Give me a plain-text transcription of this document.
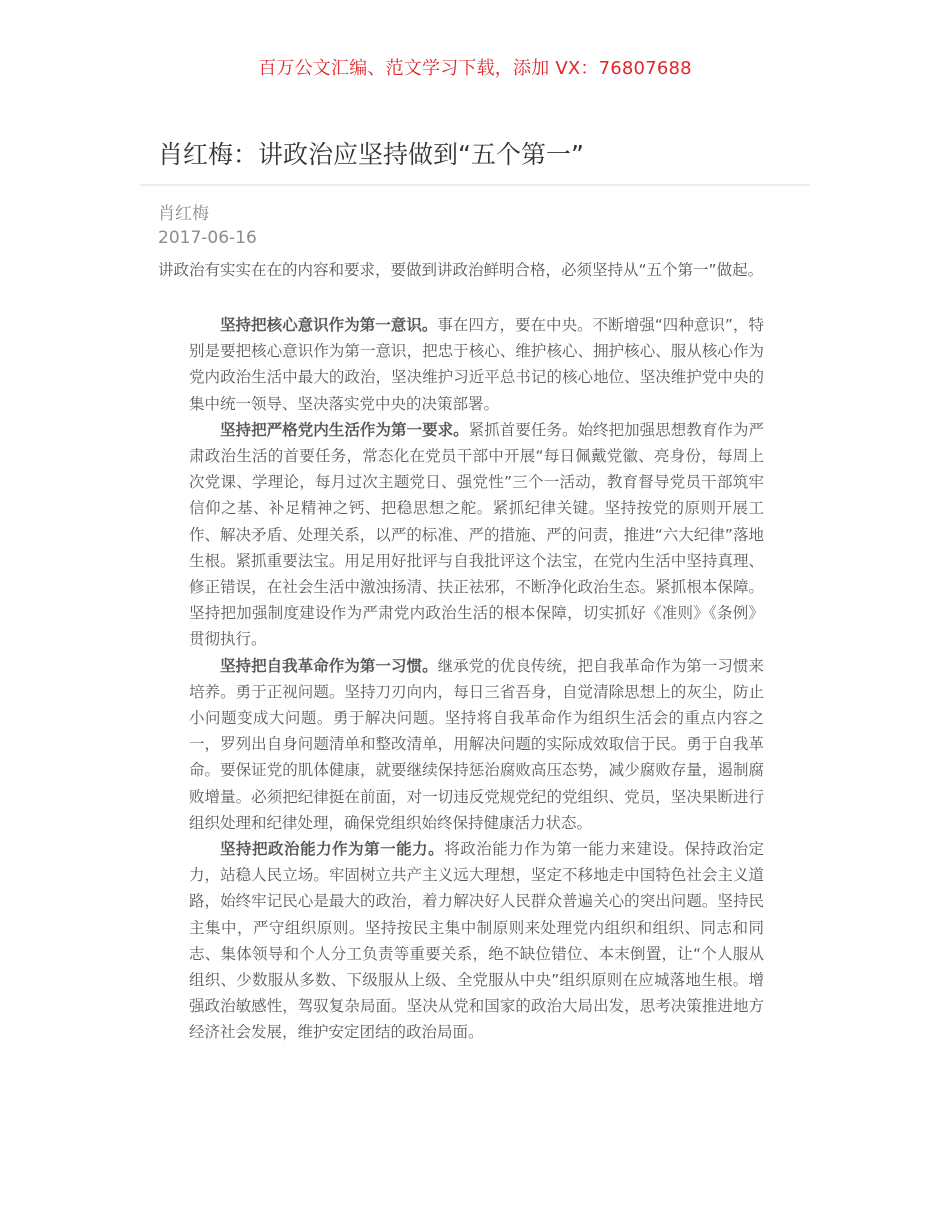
百万公文汇编、范文学习下载，添加 VX：76807688
肖红梅：讲政治应坚持做到“五个第一”
肖红梅
2017-06-16
讲政治有实实在在的内容和要求，要做到讲政治鲜明合格，必须坚持从“五个第一”做起。

坚持把核心意识作为第一意识。事在四方，要在中央。不断增强“四种意识”，特别是要把核心意识作为第一意识，把忠于核心、维护核心、拥护核心、服从核心作为党内政治生活中最大的政治，坚决维护习近平总书记的核心地位、坚决维护党中央的集中统一领导、坚决落实党中央的决策部署。

坚持把严格党内生活作为第一要求。紧抓首要任务。始终把加强思想教育作为严肃政治生活的首要任务，常态化在党员干部中开展“每日佩戴党徽、亮身份，每周上次党课、学理论，每月过次主题党日、强党性”三个一活动，教育督导党员干部筑牢信仰之基、补足精神之钙、把稳思想之舵。紧抓纪律关键。坚持按党的原则开展工作、解决矛盾、处理关系，以严的标准、严的措施、严的问责，推进“六大纪律”落地生根。紧抓重要法宝。用足用好批评与自我批评这个法宝，在党内生活中坚持真理、修正错误，在社会生活中激浊扬清、扶正祛邪，不断净化政治生态。紧抓根本保障。坚持把加强制度建设作为严肃党内政治生活的根本保障，切实抓好《准则》《条例》贯彻执行。

坚持把自我革命作为第一习惯。继承党的优良传统，把自我革命作为第一习惯来培养。勇于正视问题。坚持刀刃向内，每日三省吾身，自觉清除思想上的灰尘，防止小问题变成大问题。勇于解决问题。坚持将自我革命作为组织生活会的重点内容之一，罗列出自身问题清单和整改清单，用解决问题的实际成效取信于民。勇于自我革命。要保证党的肌体健康，就要继续保持惩治腐败高压态势，减少腐败存量，遏制腐败增量。必须把纪律挺在前面，对一切违反党规党纪的党组织、党员，坚决果断进行组织处理和纪律处理，确保党组织始终保持健康活力状态。

坚持把政治能力作为第一能力。将政治能力作为第一能力来建设。保持政治定力，站稳人民立场。牢固树立共产主义远大理想，坚定不移地走中国特色社会主义道路，始终牢记民心是最大的政治，着力解决好人民群众普遍关心的突出问题。坚持民主集中，严守组织原则。坚持按民主集中制原则来处理党内组织和组织、同志和同志、集体领导和个人分工负责等重要关系，绝不缺位错位、本末倒置，让“个人服从组织、少数服从多数、下级服从上级、全党服从中央”组织原则在应城落地生根。增强政治敏感性，驾驭复杂局面。坚决从党和国家的政治大局出发，思考决策推进地方经济社会发展，维护安定团结的政治局面。
